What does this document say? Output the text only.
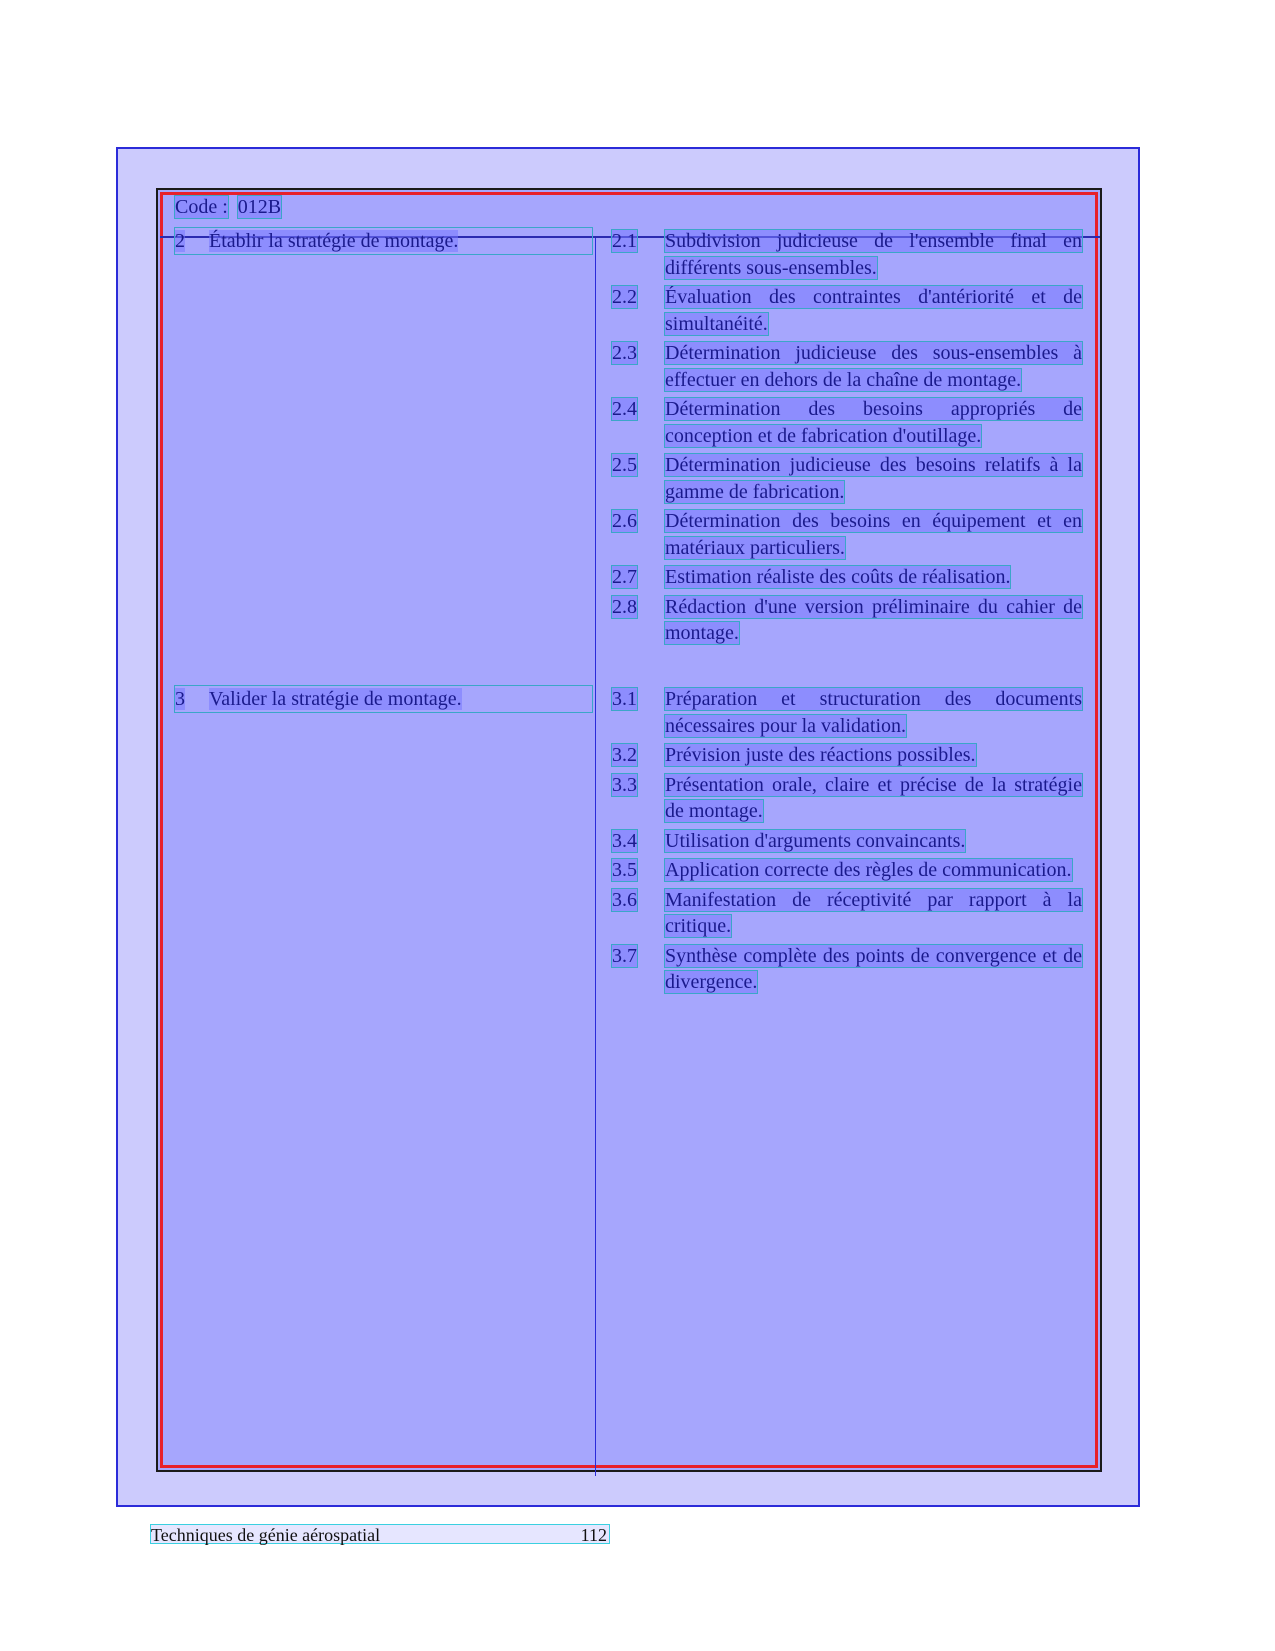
Code : 012B
2	Établir la stratégie de montage.	2.1	Subdivision judicieuse de l'ensemble final en différents sous-ensembles.
2.2	Évaluation des contraintes d'antériorité et de simultanéité.
2.3	Détermination judicieuse des sous-ensembles à effectuer en dehors de la chaîne de montage.
2.4	Détermination des besoins appropriés de conception et de fabrication d'outillage.
2.5	Détermination judicieuse des besoins relatifs à la gamme de fabrication.
2.6	Détermination des besoins en équipement et en matériaux particuliers.
2.7	Estimation réaliste des coûts de réalisation.
2.8	Rédaction d'une version préliminaire du cahier de montage.
3	Valider la stratégie de montage.	3.1	Préparation et structuration des documents nécessaires pour la validation.
3.2	Prévision juste des réactions possibles.
3.3	Présentation orale, claire et précise de la stratégie de montage.
3.4	Utilisation d'arguments convaincants.
3.5	Application correcte des règles de communication.
3.6	Manifestation de réceptivité par rapport à la critique.
3.7	Synthèse complète des points de convergence et de divergence.
Techniques de génie aérospatial	112
